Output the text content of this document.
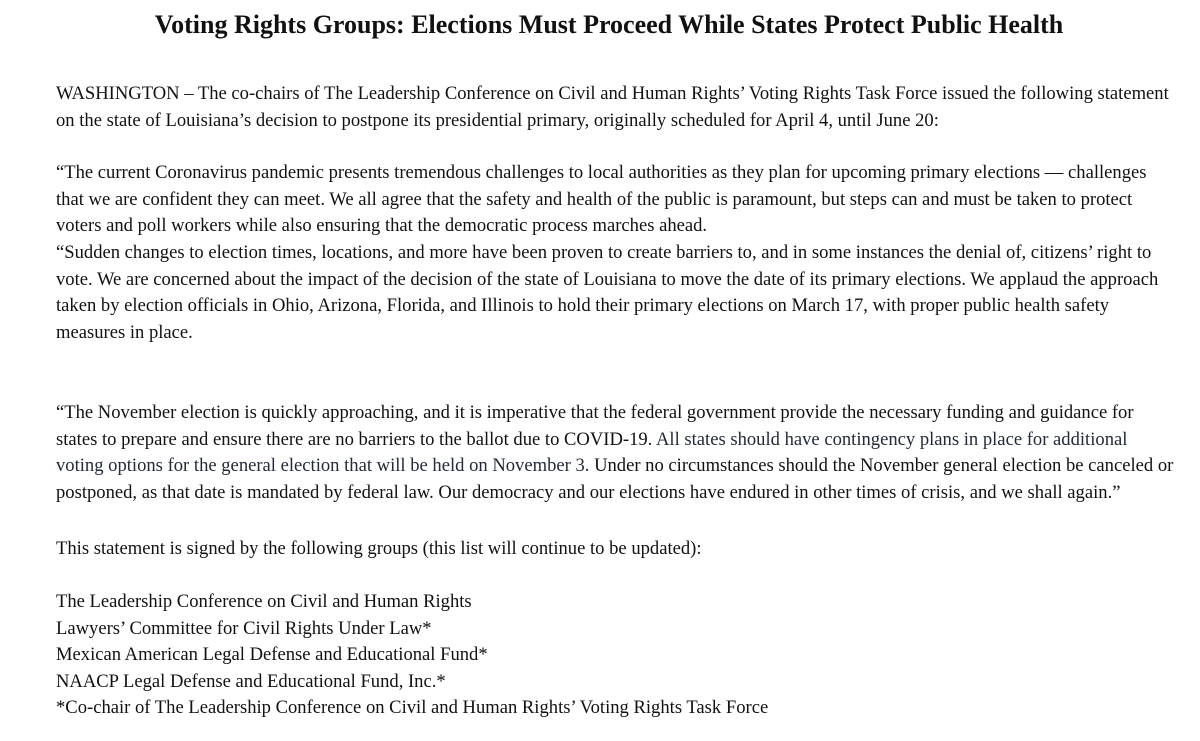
Voting Rights Groups: Elections Must Proceed While States Protect Public Health

WASHINGTON – The co-chairs of The Leadership Conference on Civil and Human Rights’ Voting Rights Task Force issued the following statement on the state of Louisiana’s decision to postpone its presidential primary, originally scheduled for April 4, until June 20:

“The current Coronavirus pandemic presents tremendous challenges to local authorities as they plan for upcoming primary elections — challenges that we are confident they can meet. We all agree that the safety and health of the public is paramount, but steps can and must be taken to protect voters and poll workers while also ensuring that the democratic process marches ahead.

“Sudden changes to election times, locations, and more have been proven to create barriers to, and in some instances the denial of, citizens’ right to vote. We are concerned about the impact of the decision of the state of Louisiana to move the date of its primary elections. We applaud the approach taken by election officials in Ohio, Arizona, Florida, and Illinois to hold their primary elections on March 17, with proper public health safety measures in place.

“The November election is quickly approaching, and it is imperative that the federal government provide the necessary funding and guidance for states to prepare and ensure there are no barriers to the ballot due to COVID-19. All states should have contingency plans in place for additional voting options for the general election that will be held on November 3. Under no circumstances should the November general election be canceled or postponed, as that date is mandated by federal law. Our democracy and our elections have endured in other times of crisis, and we shall again.”

This statement is signed by the following groups (this list will continue to be updated):

The Leadership Conference on Civil and Human Rights
Lawyers’ Committee for Civil Rights Under Law*
Mexican American Legal Defense and Educational Fund*
NAACP Legal Defense and Educational Fund, Inc.*
*Co-chair of The Leadership Conference on Civil and Human Rights’ Voting Rights Task Force
